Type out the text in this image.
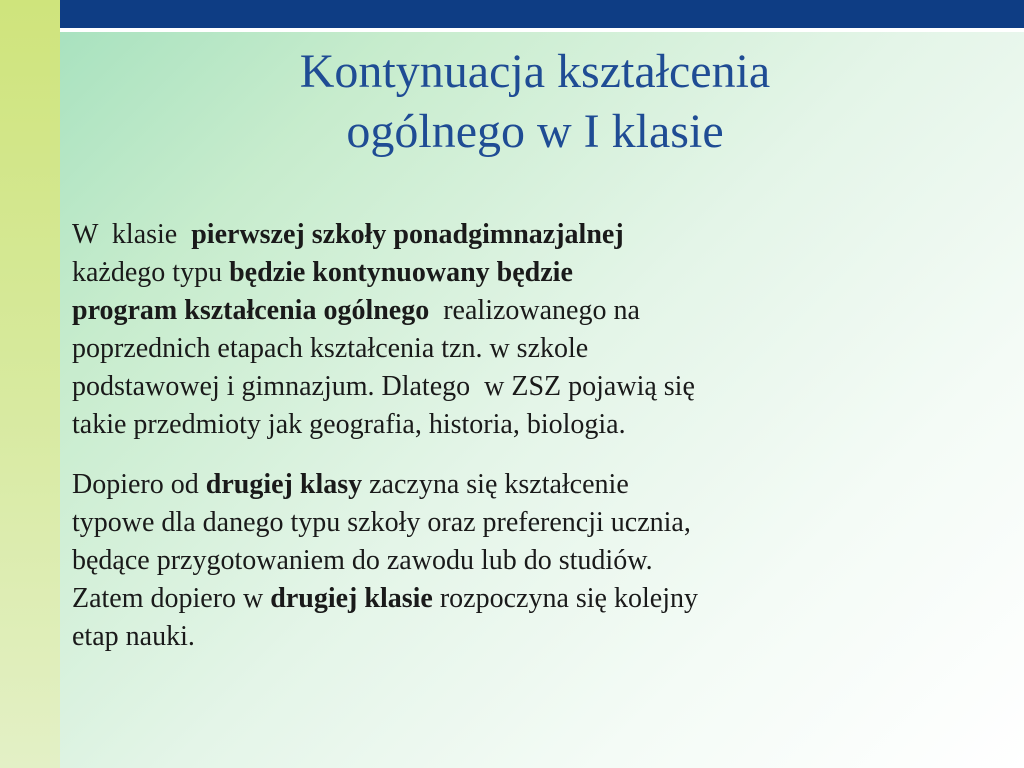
Kontynuacja kształcenia
ogólnego w I klasie
W  klasie  pierwszej szkoły ponadgimnazjalnej
każdego typu będzie kontynuowany będzie
program kształcenia ogólnego  realizowanego na
poprzednich etapach kształcenia tzn. w szkole
podstawowej i gimnazjum. Dlatego  w ZSZ pojawią się
takie przedmioty jak geografia, historia, biologia.
Dopiero od drugiej klasy zaczyna się kształcenie
typowe dla danego typu szkoły oraz preferencji ucznia,
będące przygotowaniem do zawodu lub do studiów.
Zatem dopiero w drugiej klasie rozpoczyna się kolejny
etap nauki.
